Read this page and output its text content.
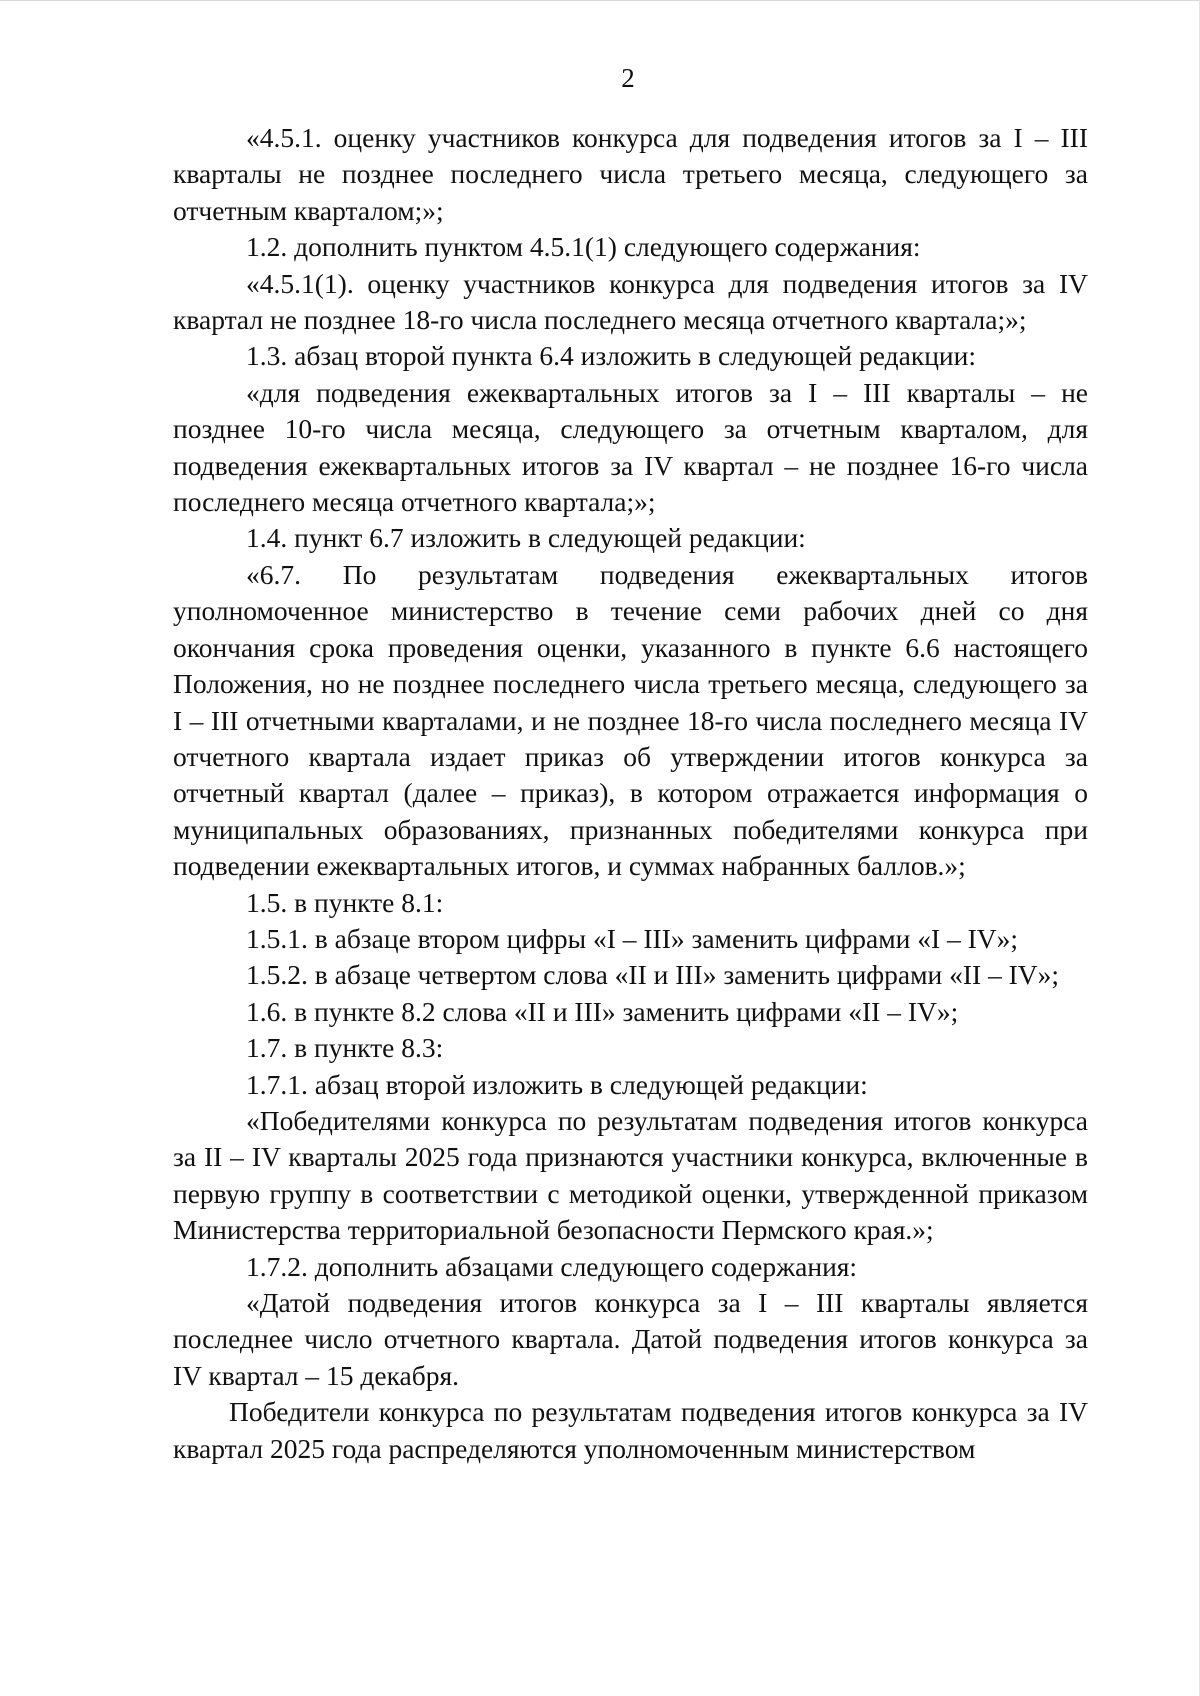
2

«4.5.1. оценку участников конкурса для подведения итогов за I – III кварталы не позднее последнего числа третьего месяца, следующего за отчетным кварталом;»;

1.2. дополнить пунктом 4.5.1(1) следующего содержания:

«4.5.1(1). оценку участников конкурса для подведения итогов за IV квартал не позднее 18-го числа последнего месяца отчетного квартала;»;

1.3. абзац второй пункта 6.4 изложить в следующей редакции:

«для подведения ежеквартальных итогов за I – III кварталы – не позднее 10-го числа месяца, следующего за отчетным кварталом, для подведения ежеквартальных итогов за IV квартал – не позднее 16-го числа последнего месяца отчетного квартала;»;

1.4. пункт 6.7 изложить в следующей редакции:

«6.7. По результатам подведения ежеквартальных итогов уполномоченное министерство в течение семи рабочих дней со дня окончания срока проведения оценки, указанного в пункте 6.6 настоящего Положения, но не позднее последнего числа третьего месяца, следующего за I – III отчетными кварталами, и не позднее 18-го числа последнего месяца IV отчетного квартала издает приказ об утверждении итогов конкурса за отчетный квартал (далее – приказ), в котором отражается информация о муниципальных образованиях, признанных победителями конкурса при подведении ежеквартальных итогов, и суммах набранных баллов.»;

1.5. в пункте 8.1:

1.5.1. в абзаце втором цифры «I – III» заменить цифрами «I – IV»;

1.5.2. в абзаце четвертом слова «II и III» заменить цифрами «II – IV»;

1.6. в пункте 8.2 слова «II и III» заменить цифрами «II – IV»;

1.7. в пункте 8.3:

1.7.1. абзац второй изложить в следующей редакции:

«Победителями конкурса по результатам подведения итогов конкурса за II – IV кварталы 2025 года признаются участники конкурса, включенные в первую группу в соответствии с методикой оценки, утвержденной приказом Министерства территориальной безопасности Пермского края.»;

1.7.2. дополнить абзацами следующего содержания:

«Датой подведения итогов конкурса за I – III кварталы является последнее число отчетного квартала. Датой подведения итогов конкурса за IV квартал – 15 декабря.

Победители конкурса по результатам подведения итогов конкурса за IV квартал 2025 года распределяются уполномоченным министерством
